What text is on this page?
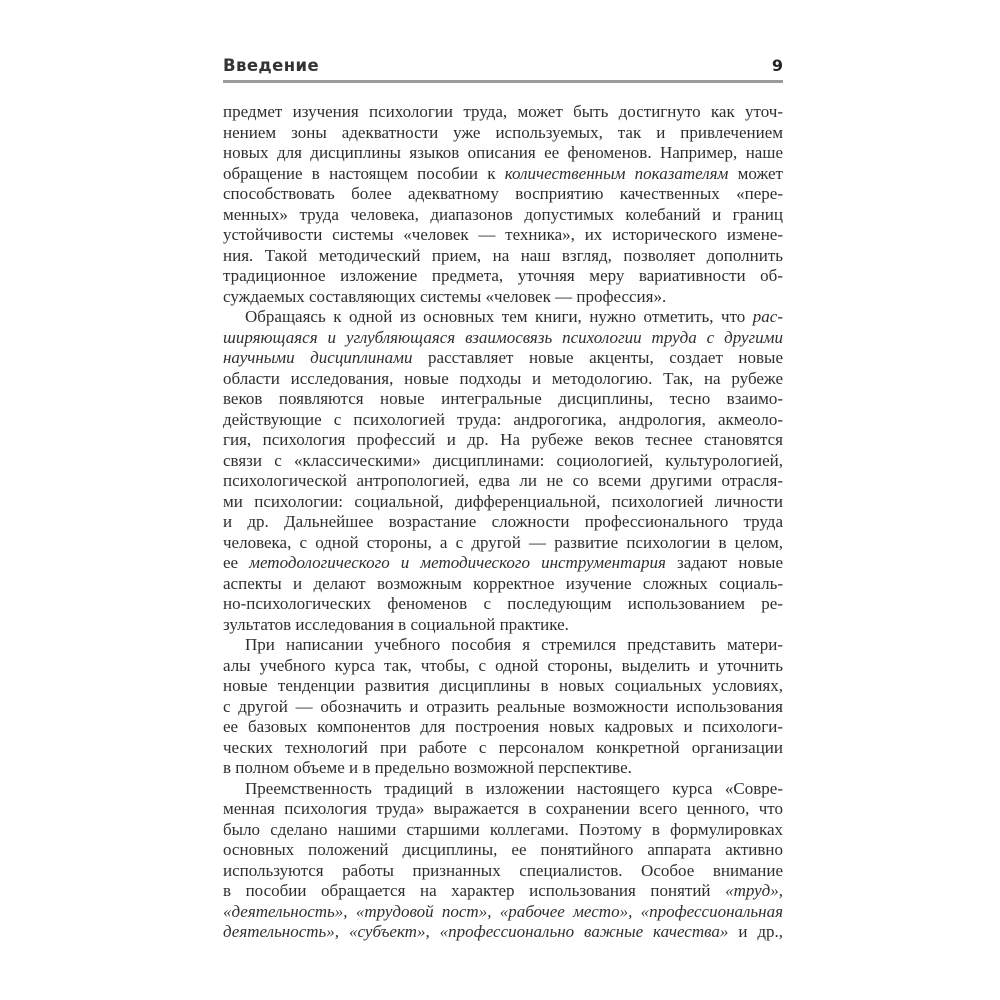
Введение	9
предмет изучения психологии труда, может быть достигнуто как уточ-
нением зоны адекватности уже используемых, так и привлечением
новых для дисциплины языков описания ее феноменов. Например, наше
обращение в настоящем пособии к количественным показателям может
способствовать более адекватному восприятию качественных «пере-
менных» труда человека, диапазонов допустимых колебаний и границ
устойчивости системы «человек — техника», их исторического измене-
ния. Такой методический прием, на наш взгляд, позволяет дополнить
традиционное изложение предмета, уточняя меру вариативности об-
суждаемых составляющих системы «человек — профессия».
Обращаясь к одной из основных тем книги, нужно отметить, что рас-
ширяющаяся и углубляющаяся взаимосвязь психологии труда с другими
научными дисциплинами расставляет новые акценты, создает новые
области исследования, новые подходы и методологию. Так, на рубеже
веков появляются новые интегральные дисциплины, тесно взаимо-
действующие с психологией труда: андрогогика, андрология, акмеоло-
гия, психология профессий и др. На рубеже веков теснее становятся
связи с «классическими» дисциплинами: социологией, культурологией,
психологической антропологией, едва ли не со всеми другими отрасля-
ми психологии: социальной, дифференциальной, психологией личности
и др. Дальнейшее возрастание сложности профессионального труда
человека, с одной стороны, а с другой — развитие психологии в целом,
ее методологического и методического инструментария задают новые
аспекты и делают возможным корректное изучение сложных социаль-
но-психологических феноменов с последующим использованием ре-
зультатов исследования в социальной практике.
При написании учебного пособия я стремился представить матери-
алы учебного курса так, чтобы, с одной стороны, выделить и уточнить
новые тенденции развития дисциплины в новых социальных условиях,
с другой — обозначить и отразить реальные возможности использования
ее базовых компонентов для построения новых кадровых и психологи-
ческих технологий при работе с персоналом конкретной организации
в полном объеме и в предельно возможной перспективе.
Преемственность традиций в изложении настоящего курса «Совре-
менная психология труда» выражается в сохранении всего ценного, что
было сделано нашими старшими коллегами. Поэтому в формулировках
основных положений дисциплины, ее понятийного аппарата активно
используются работы признанных специалистов. Особое внимание
в пособии обращается на характер использования понятий «труд»,
«деятельность», «трудовой пост», «рабочее место», «профессиональная
деятельность», «субъект», «профессионально важные качества» и др.,
